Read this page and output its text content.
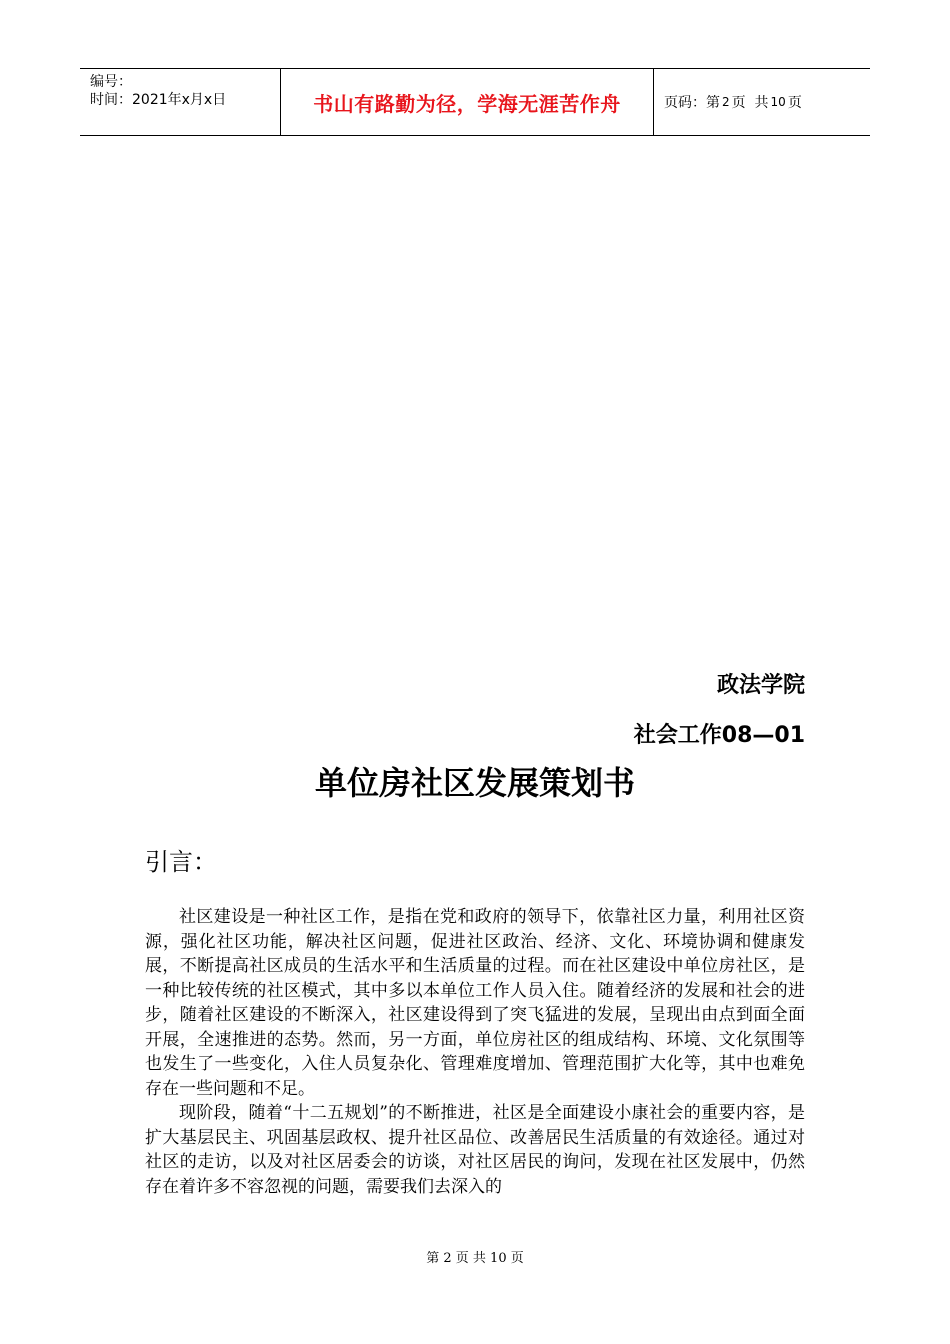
编号：
时间：2021年x月x日	书山有路勤为径，学海无涯苦作舟	页码：第 2 页  共 10 页
政法学院
社会工作08—01
单位房社区发展策划书
引言：

社区建设是一种社区工作，是指在党和政府的领导下，依靠社区力量，利用社区资源，强化社区功能，解决社区问题，促进社区政治、经济、文化、环境协调和健康发展，不断提高社区成员的生活水平和生活质量的过程。而在社区建设中单位房社区，是一种比较传统的社区模式，其中多以本单位工作人员入住。随着经济的发展和社会的进步，随着社区建设的不断深入，社区建设得到了突飞猛进的发展，呈现出由点到面全面开展，全速推进的态势。然而，另一方面，单位房社区的组成结构、环境、文化氛围等也发生了一些变化，入住人员复杂化、管理难度增加、管理范围扩大化等，其中也难免存在一些问题和不足。

现阶段，随着“十二五规划”的不断推进，社区是全面建设小康社会的重要内容，是扩大基层民主、巩固基层政权、提升社区品位、改善居民生活质量的有效途径。通过对社区的走访，以及对社区居委会的访谈，对社区居民的询问，发现在社区发展中，仍然存在着许多不容忽视的问题，需要我们去深入的

第 2 页 共 10 页
